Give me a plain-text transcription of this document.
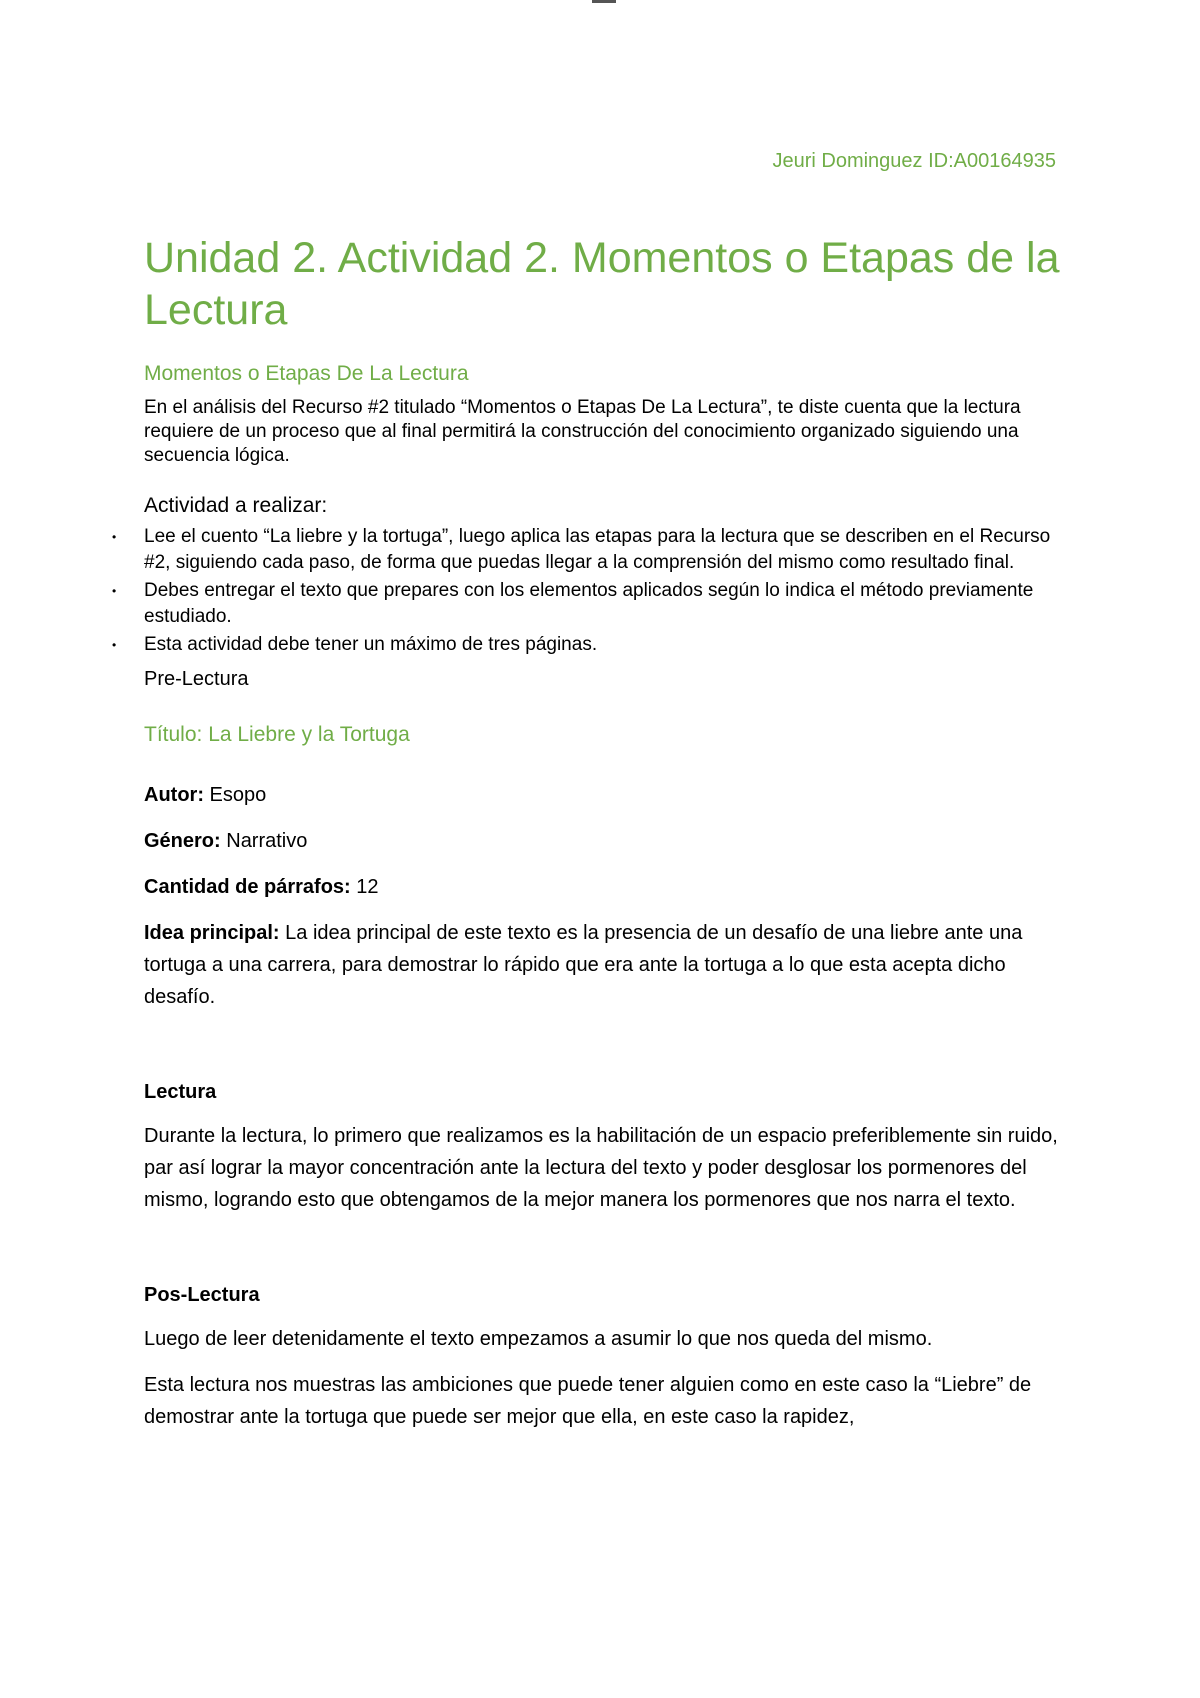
Jeuri Dominguez ID:A00164935
Unidad 2. Actividad 2. Momentos o Etapas de la Lectura
Momentos o Etapas De La Lectura

En el análisis del Recurso #2 titulado “Momentos o Etapas De La Lectura”, te diste cuenta que la lectura requiere de un proceso que al final permitirá la construcción del conocimiento organizado siguiendo una secuencia lógica.

Actividad a realizar:
• Lee el cuento “La liebre y la tortuga”, luego aplica las etapas para la lectura que se describen en el Recurso #2, siguiendo cada paso, de forma que puedas llegar a la comprensión del mismo como resultado final.
• Debes entregar el texto que prepares con los elementos aplicados según lo indica el método previamente estudiado.
• Esta actividad debe tener un máximo de tres páginas.
Pre-Lectura
Título: La Liebre y la Tortuga

Autor: Esopo

Género: Narrativo

Cantidad de párrafos: 12

Idea principal: La idea principal de este texto es la presencia de un desafío de una liebre ante una tortuga a una carrera, para demostrar lo rápido que era ante la tortuga a lo que esta acepta dicho desafío.

Lectura

Durante la lectura, lo primero que realizamos es la habilitación de un espacio preferiblemente sin ruido, par así lograr la mayor concentración ante la lectura del texto y poder desglosar los pormenores del mismo, logrando esto que obtengamos de la mejor manera los pormenores que nos narra el texto.

Pos-Lectura

Luego de leer detenidamente el texto empezamos a asumir lo que nos queda del mismo.

Esta lectura nos muestras las ambiciones que puede tener alguien como en este caso la “Liebre” de demostrar ante la tortuga que puede ser mejor que ella, en este caso la rapidez,
